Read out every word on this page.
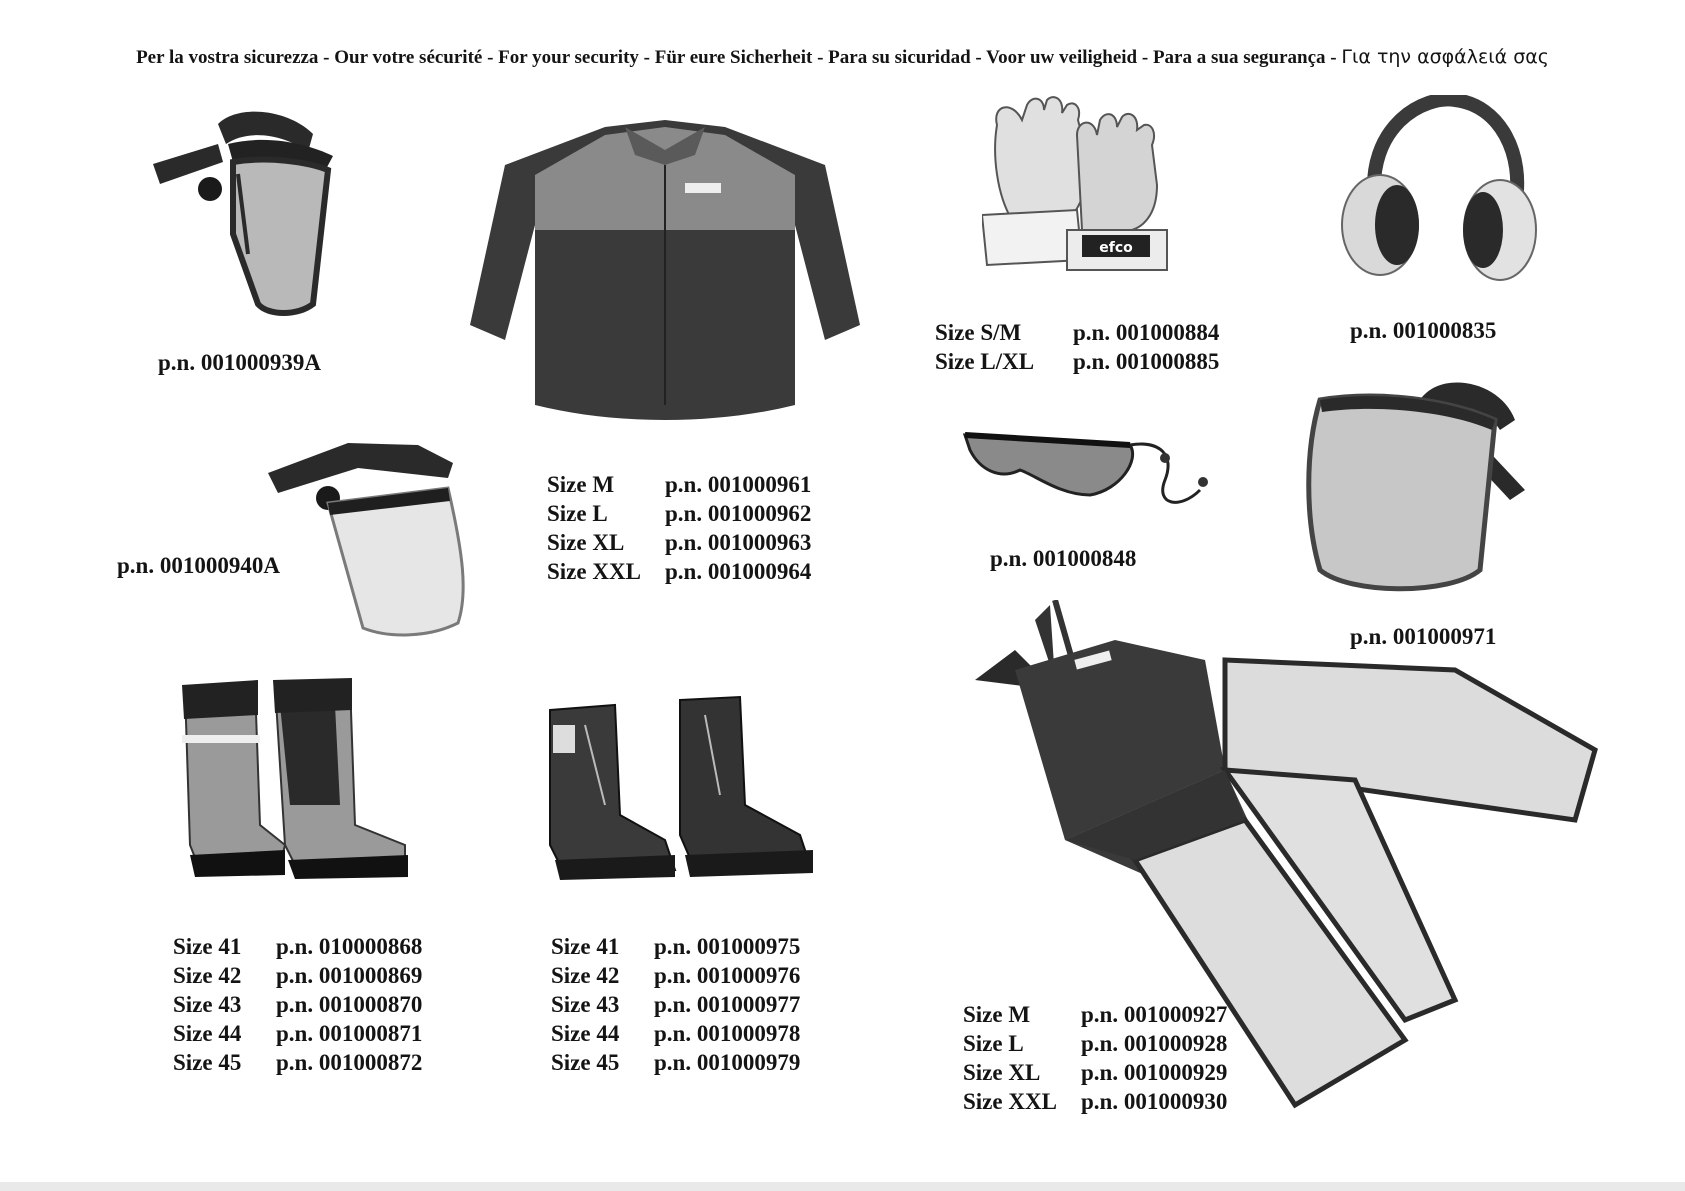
Per la vostra sicurezza - Our votre sécurité - For your security - Für eure Sicherheit - Para su sicuridad - Voor uw veiligheid - Para a sua segurança - Για την ασφάλειά σας
p.n. 001000939A
p.n. 001000940A
Size M	p.n. 001000961
Size L	p.n. 001000962
Size XL	p.n. 001000963
Size XXL	p.n. 001000964
efco
Size S/M	p.n. 001000884
Size L/XL	p.n. 001000885
p.n. 001000835
p.n. 001000848
p.n. 001000971
Size 41	p.n. 010000868
Size 42	p.n. 001000869
Size 43	p.n. 001000870
Size 44	p.n. 001000871
Size 45	p.n. 001000872
Size 41	p.n. 001000975
Size 42	p.n. 001000976
Size 43	p.n. 001000977
Size 44	p.n. 001000978
Size 45	p.n. 001000979
Size M	p.n. 001000927
Size L	p.n. 001000928
Size XL	p.n. 001000929
Size XXL	p.n. 001000930
